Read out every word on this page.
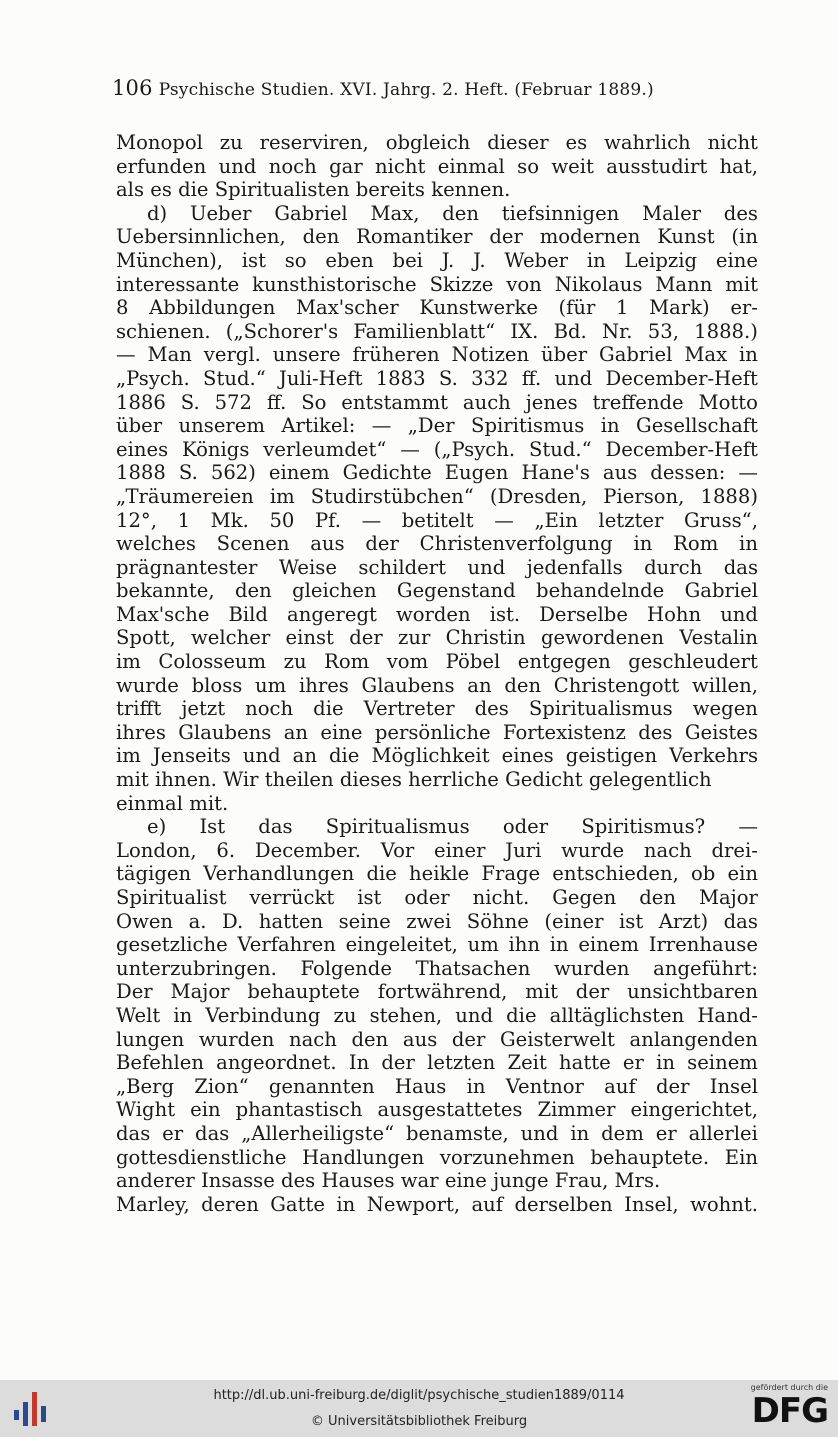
106 Psychische Studien. XVI. Jahrg. 2. Heft. (Februar 1889.)
Monopol zu reserviren, obgleich dieser es wahrlich nicht
erfunden und noch gar nicht einmal so weit ausstudirt hat,
als es die Spiritualisten bereits kennen.
d) Ueber Gabriel Max, den tiefsinnigen Maler des
Uebersinnlichen, den Romantiker der modernen Kunst (in
München), ist so eben bei J. J. Weber in Leipzig eine
interessante kunsthistorische Skizze von Nikolaus Mann mit
8 Abbildungen Max'scher Kunstwerke (für 1 Mark) er-
schienen. („Schorer's Familienblatt“ IX. Bd. Nr. 53, 1888.)
— Man vergl. unsere früheren Notizen über Gabriel Max in
„Psych. Stud.“ Juli-Heft 1883 S. 332 ff. und December-Heft
1886 S. 572 ff. So entstammt auch jenes treffende Motto
über unserem Artikel: — „Der Spiritismus in Gesellschaft
eines Königs verleumdet“ — („Psych. Stud.“ December-Heft
1888 S. 562) einem Gedichte Eugen Hane's aus dessen: —
„Träumereien im Studirstübchen“ (Dresden, Pierson, 1888)
12°, 1 Mk. 50 Pf. — betitelt — „Ein letzter Gruss“,
welches Scenen aus der Christenverfolgung in Rom in
prägnantester Weise schildert und jedenfalls durch das
bekannte, den gleichen Gegenstand behandelnde Gabriel
Max'sche Bild angeregt worden ist. Derselbe Hohn und
Spott, welcher einst der zur Christin gewordenen Vestalin
im Colosseum zu Rom vom Pöbel entgegen geschleudert
wurde bloss um ihres Glaubens an den Christengott willen,
trifft jetzt noch die Vertreter des Spiritualismus wegen
ihres Glaubens an eine persönliche Fortexistenz des Geistes
im Jenseits und an die Möglichkeit eines geistigen Verkehrs
mit ihnen. Wir theilen dieses herrliche Gedicht gelegentlich
einmal mit.
e) Ist das Spiritualismus oder Spiritismus? —
London, 6. December. Vor einer Juri wurde nach drei-
tägigen Verhandlungen die heikle Frage entschieden, ob ein
Spiritualist verrückt ist oder nicht. Gegen den Major
Owen a. D. hatten seine zwei Söhne (einer ist Arzt) das
gesetzliche Verfahren eingeleitet, um ihn in einem Irrenhause
unterzubringen. Folgende Thatsachen wurden angeführt:
Der Major behauptete fortwährend, mit der unsichtbaren
Welt in Verbindung zu stehen, und die alltäglichsten Hand-
lungen wurden nach den aus der Geisterwelt anlangenden
Befehlen angeordnet. In der letzten Zeit hatte er in seinem
„Berg Zion“ genannten Haus in Ventnor auf der Insel
Wight ein phantastisch ausgestattetes Zimmer eingerichtet,
das er das „Allerheiligste“ benamste, und in dem er allerlei
gottesdienstliche Handlungen vorzunehmen behauptete. Ein
anderer Insasse des Hauses war eine junge Frau, Mrs.
Marley, deren Gatte in Newport, auf derselben Insel, wohnt.
http://dl.ub.uni-freiburg.de/diglit/psychische_studien1889/0114
© Universitätsbibliothek Freiburg
gefördert durch die
DFG
